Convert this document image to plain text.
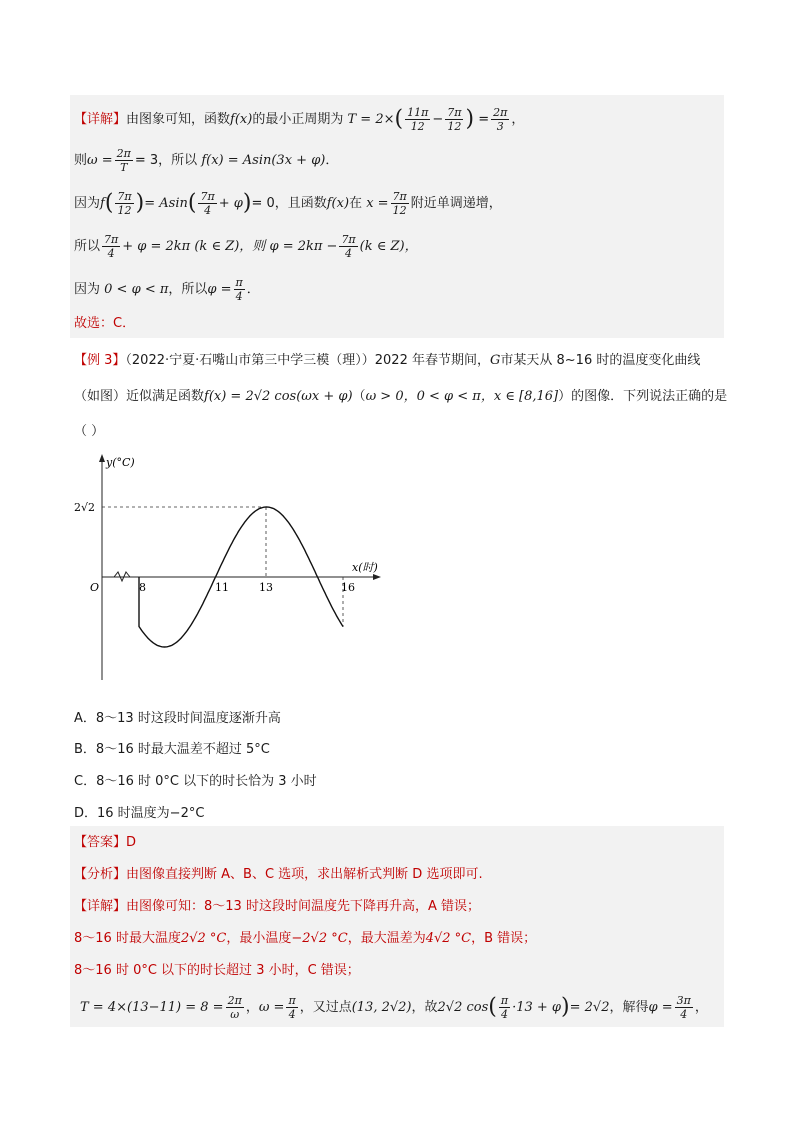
【详解】由图象可知，函数f(x)的最小正周期为 $T = 2\times( \frac{11\pi}{12} - \frac{7\pi}{12}$ ) = $\frac{2\pi}{3}$ ，
则$\omega = \frac{2\pi}{T} = 3$，所以 f(x) = Asin(3x + φ)．
因为$f( \frac{7\pi}{12}$ )= $Asin( \frac{7\pi}{4} + \varphi)= 0$，且函数f(x)在 $x = \frac{7\pi}{12}$ 附近单调递增，
所以 $\frac{7\pi}{4} + \varphi = 2k\pi$ (k ∈ Z)，则 $\varphi = 2k\pi - \frac{7\pi}{4} (k$ ∈ Z)，
因为 0 < φ < π，所以$\varphi = \frac{\pi}{4}$ ．
故选：C．
【例 3】（2022·宁夏·石嘴山市第三中学三模（理））2022 年春节期间，G市某天从 8~16 时的温度变化曲线
（如图）近似满足函数f(x) = 2√2 cos(ωx + φ)（ω > 0，0 < φ < π，x ∈ [8,16]）的图像．下列说法正确的是
（ ）
y(°C)
x(时)
O
2√2
8	11	13	16
A．8～13 时这段时间温度逐渐升高
B．8～16 时最大温差不超过 5°C
C．8～16 时 0°C 以下的时长恰为 3 小时
D．16 时温度为−2°C
【答案】D
【分析】由图像直接判断 A、B、C 选项，求出解析式判断 D 选项即可.
【详解】由图像可知：8～13 时这段时间温度先下降再升高，A 错误；
8～16 时最大温度2√2 °C，最小温度−2√2 °C，最大温差为4√2 °C，B 错误；
8～16 时 0°C 以下的时长超过 3 小时，C 错误；
$T = 4\times(13-11) = 8 = \frac{2\pi}{\omega}$ ，$\omega = \frac{\pi}{4}$ ，又过点(13, 2√2)，故2√2 $\cos( \frac{\pi}{4} \cdot 13 + \varphi)= 2√2$，解得$\varphi = \frac{3\pi}{4}$ ，
